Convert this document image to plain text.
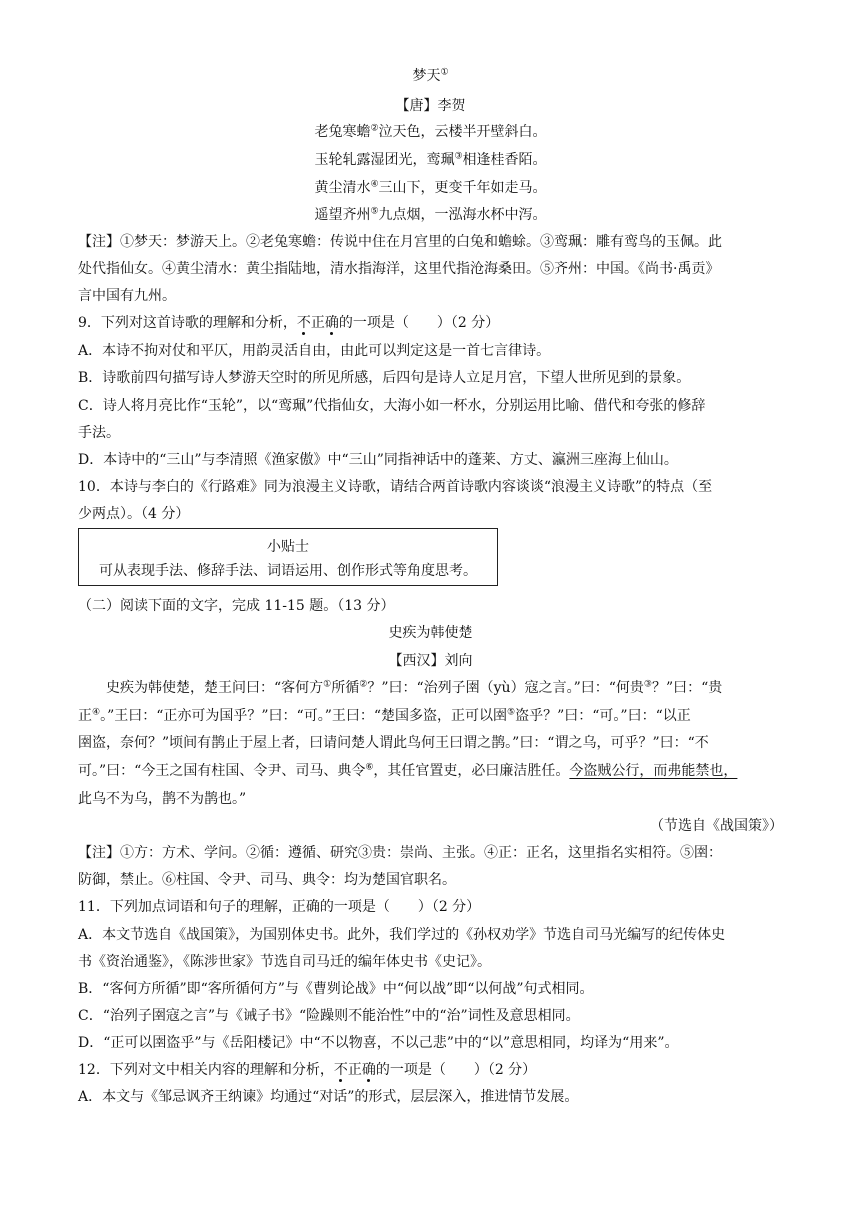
梦天①
【唐】李贺
老兔寒蟾②泣天色，云楼半开壁斜白。
玉轮轧露湿团光，鸾珮③相逢桂香陌。
黄尘清水④三山下，更变千年如走马。
遥望齐州⑤九点烟，一泓海水杯中泻。
【注】①梦天：梦游天上。②老兔寒蟾：传说中住在月宫里的白兔和蟾蜍。③鸾珮：雕有鸾鸟的玉佩。此
处代指仙女。④黄尘清水：黄尘指陆地，清水指海洋，这里代指沧海桑田。⑤齐州：中国。《尚书·禹贡》
言中国有九州。
9．下列对这首诗歌的理解和分析，不正确的一项是（　　）（2 分）
A．本诗不拘对仗和平仄，用韵灵活自由，由此可以判定这是一首七言律诗。
B．诗歌前四句描写诗人梦游天空时的所见所感，后四句是诗人立足月宫，下望人世所见到的景象。
C．诗人将月亮比作“玉轮”，以“鸾珮”代指仙女，大海小如一杯水，分别运用比喻、借代和夸张的修辞
手法。
D．本诗中的“三山”与李清照《渔家傲》中“三山”同指神话中的蓬莱、方丈、瀛洲三座海上仙山。
10．本诗与李白的《行路难》同为浪漫主义诗歌，请结合两首诗歌内容谈谈“浪漫主义诗歌”的特点（至
少两点）。（4 分）
小贴士
可从表现手法、修辞手法、词语运用、创作形式等角度思考。
（二）阅读下面的文字，完成 11-15 题。（13 分）
史疾为韩使楚
【西汉】刘向
史疾为韩使楚，楚王问曰：“客何方①所循②？”曰：“治列子圉（yù）寇之言。”曰：“何贵③？”曰：“贵
正④。”王曰：“正亦可为国乎？”曰：“可。”王曰：“楚国多盗，正可以圉⑤盗乎？”曰：“可。”曰：“以正
圉盗，奈何？”顷间有鹊止于屋上者，曰请问楚人谓此鸟何王曰谓之鹊。”曰：“谓之乌，可乎？”曰：“不
可。”曰：“今王之国有柱国、令尹、司马、典令⑥，其任官置吏，必曰廉洁胜任。今盗贼公行，而弗能禁也，
此乌不为乌，鹊不为鹊也。”
（节选自《战国策》）
【注】①方：方术、学问。②循：遵循、研究③贵：崇尚、主张。④正：正名，这里指名实相符。⑤圉：
防御，禁止。⑥柱国、令尹、司马、典令：均为楚国官职名。
11．下列加点词语和句子的理解，正确的一项是（　　）（2 分）
A．本文节选自《战国策》，为国别体史书。此外，我们学过的《孙权劝学》节选自司马光编写的纪传体史
书《资治通鉴》，《陈涉世家》节选自司马迁的编年体史书《史记》。
B．“客何方所循”即“客所循何方”与《曹刿论战》中“何以战”即“以何战”句式相同。
C．“治列子圉寇之言”与《诫子书》“险躁则不能治性”中的“治”词性及意思相同。
D．“正可以圉盗乎”与《岳阳楼记》中“不以物喜，不以己悲”中的“以”意思相同，均译为“用来”。
12．下列对文中相关内容的理解和分析，不正确的一项是（　　）（2 分）
A．本文与《邹忌讽齐王纳谏》均通过“对话”的形式，层层深入，推进情节发展。
